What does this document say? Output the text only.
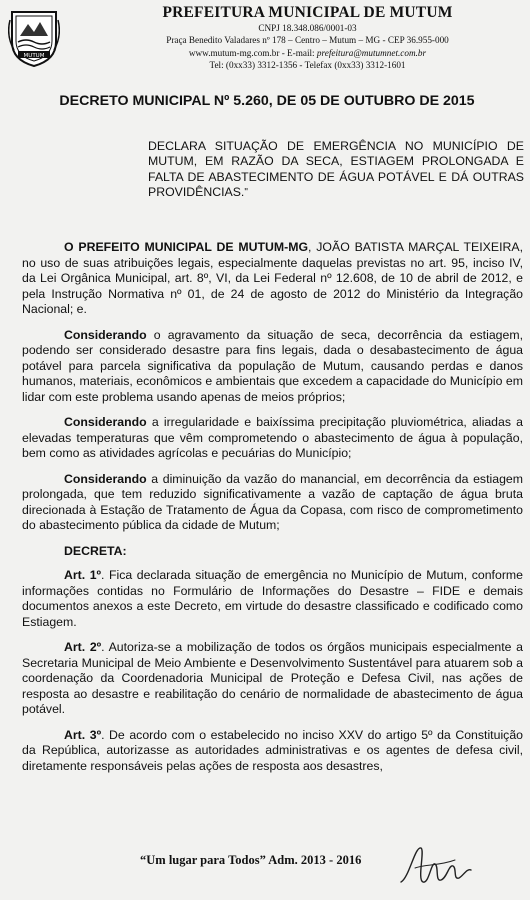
MUTUM
PREFEITURA MUNICIPAL DE MUTUM
CNPJ 18.348.086/0001-03
Praça Benedito Valadares nº 178 – Centro – Mutum – MG - CEP 36.955-000
www.mutum-mg.com.br - E-mail: prefeitura@mutumnet.com.br
Tel: (0xx33) 3312-1356 - Telefax (0xx33) 3312-1601
DECRETO MUNICIPAL Nº 5.260, DE 05 DE OUTUBRO DE 2015
DECLARA SITUAÇÃO DE EMERGÊNCIA NO MUNICÍPIO DE MUTUM, EM RAZÃO DA SECA, ESTIAGEM PROLONGADA E FALTA DE ABASTECIMENTO DE ÁGUA POTÁVEL E DÁ OUTRAS PROVIDÊNCIAS."

O PREFEITO MUNICIPAL DE MUTUM-MG, JOÃO BATISTA MARÇAL TEIXEIRA, no uso de suas atribuições legais, especialmente daquelas previstas no art. 95, inciso IV, da Lei Orgânica Municipal, art. 8º, VI, da Lei Federal nº 12.608, de 10 de abril de 2012, e pela Instrução Normativa nº 01, de 24 de agosto de 2012 do Ministério da Integração Nacional; e.

Considerando o agravamento da situação de seca, decorrência da estiagem, podendo ser considerado desastre para fins legais, dada o desabastecimento de água potável para parcela significativa da população de Mutum, causando perdas e danos humanos, materiais, econômicos e ambientais que excedem a capacidade do Município em lidar com este problema usando apenas de meios próprios;

Considerando a irregularidade e baixíssima precipitação pluviométrica, aliadas a elevadas temperaturas que vêm comprometendo o abastecimento de água à população, bem como as atividades agrícolas e pecuárias do Município;

Considerando a diminuição da vazão do manancial, em decorrência da estiagem prolongada, que tem reduzido significativamente a vazão de captação de água bruta direcionada à Estação de Tratamento de Água da Copasa, com risco de comprometimento do abastecimento pública da cidade de Mutum;

DECRETA:

Art. 1º. Fica declarada situação de emergência no Município de Mutum, conforme informações contidas no Formulário de Informações do Desastre – FIDE e demais documentos anexos a este Decreto, em virtude do desastre classificado e codificado como Estiagem.

Art. 2º. Autoriza-se a mobilização de todos os órgãos municipais especialmente a Secretaria Municipal de Meio Ambiente e Desenvolvimento Sustentável para atuarem sob a coordenação da Coordenadoria Municipal de Proteção e Defesa Civil, nas ações de resposta ao desastre e reabilitação do cenário de normalidade de abastecimento de água potável.

Art. 3º. De acordo com o estabelecido no inciso XXV do artigo 5º da Constituição da República, autorizasse as autoridades administrativas e os agentes de defesa civil, diretamente responsáveis pelas ações de resposta aos desastres,

“Um lugar para Todos” Adm. 2013 - 2016
